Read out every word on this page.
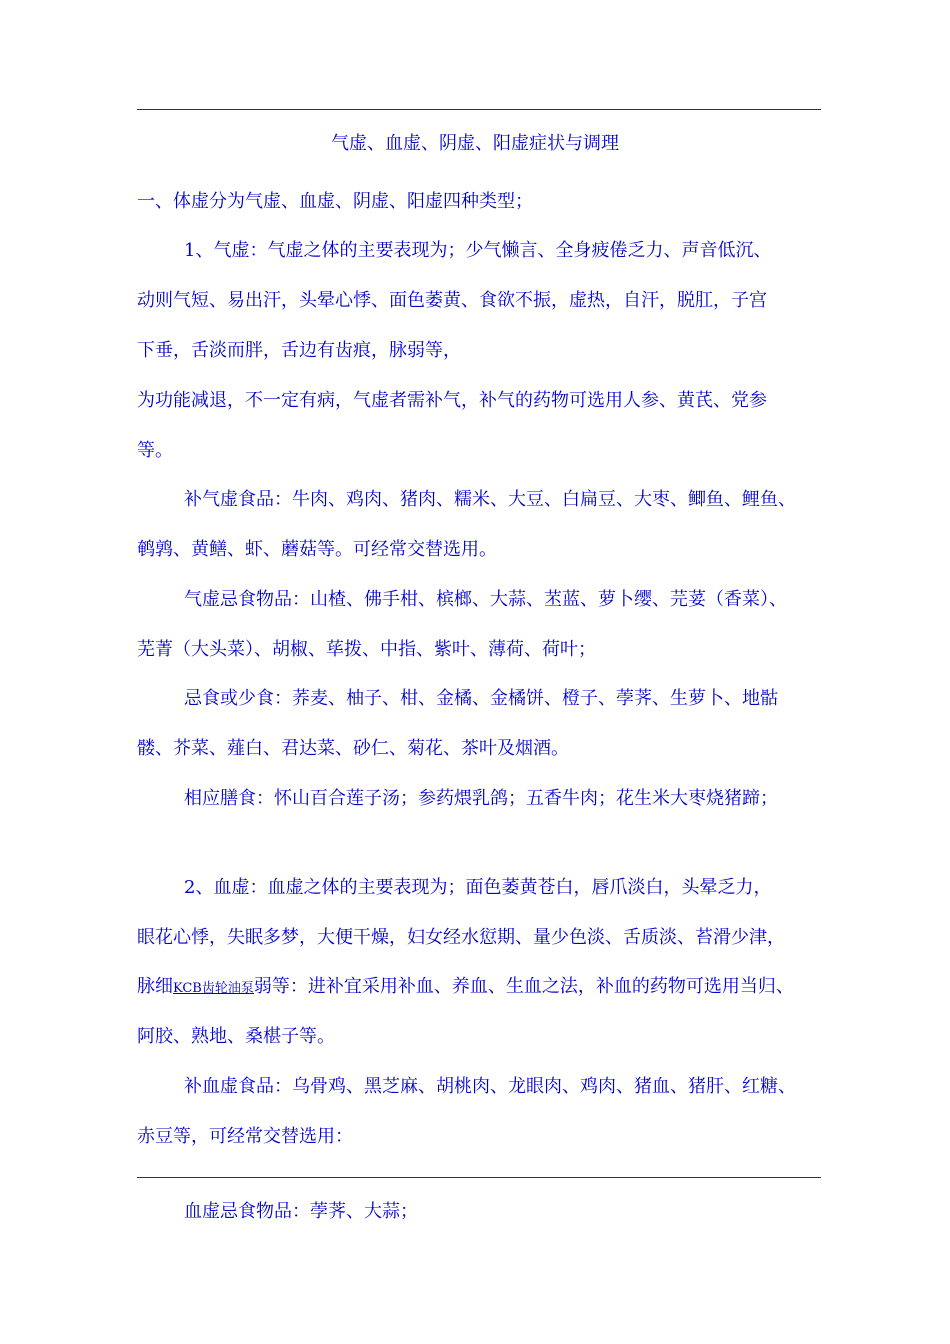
气虚、血虚、阴虚、阳虚症状与调理
一、体虚分为气虚、血虚、阴虚、阳虚四种类型；
1、气虚：气虚之体的主要表现为；少气懒言、全身疲倦乏力、声音低沉、
动则气短、易出汗，头晕心悸、面色萎黄、食欲不振，虚热，自汗，脱肛，子宫
下垂，舌淡而胖，舌边有齿痕，脉弱等，
为功能减退，不一定有病，气虚者需补气，补气的药物可选用人参、黄芪、党参
等。
补气虚食品：牛肉、鸡肉、猪肉、糯米、大豆、白扁豆、大枣、鲫鱼、鲤鱼、
鹌鹑、黄鳝、虾、蘑菇等。可经常交替选用。
气虚忌食物品：山楂、佛手柑、槟榔、大蒜、苤蓝、萝卜缨、芫荽（香菜）、
芜菁（大头菜）、胡椒、荜拨、中指、紫叶、薄荷、荷叶；
忌食或少食：荞麦、柚子、柑、金橘、金橘饼、橙子、荸荠、生萝卜、地骷
髅、芥菜、薤白、君达菜、砂仁、菊花、茶叶及烟酒。
相应膳食：怀山百合莲子汤；参药煨乳鸽；五香牛肉；花生米大枣烧猪蹄；
2、血虚：血虚之体的主要表现为；面色萎黄苍白，唇爪淡白，头晕乏力，
眼花心悸，失眠多梦，大便干燥，妇女经水愆期、量少色淡、舌质淡、苔滑少津，
脉细KCB齿轮油泵弱等：进补宜采用补血、养血、生血之法，补血的药物可选用当归、
阿胶、熟地、桑椹子等。
补血虚食品：乌骨鸡、黑芝麻、胡桃肉、龙眼肉、鸡肉、猪血、猪肝、红糖、
赤豆等，可经常交替选用：
血虚忌食物品：荸荠、大蒜；
